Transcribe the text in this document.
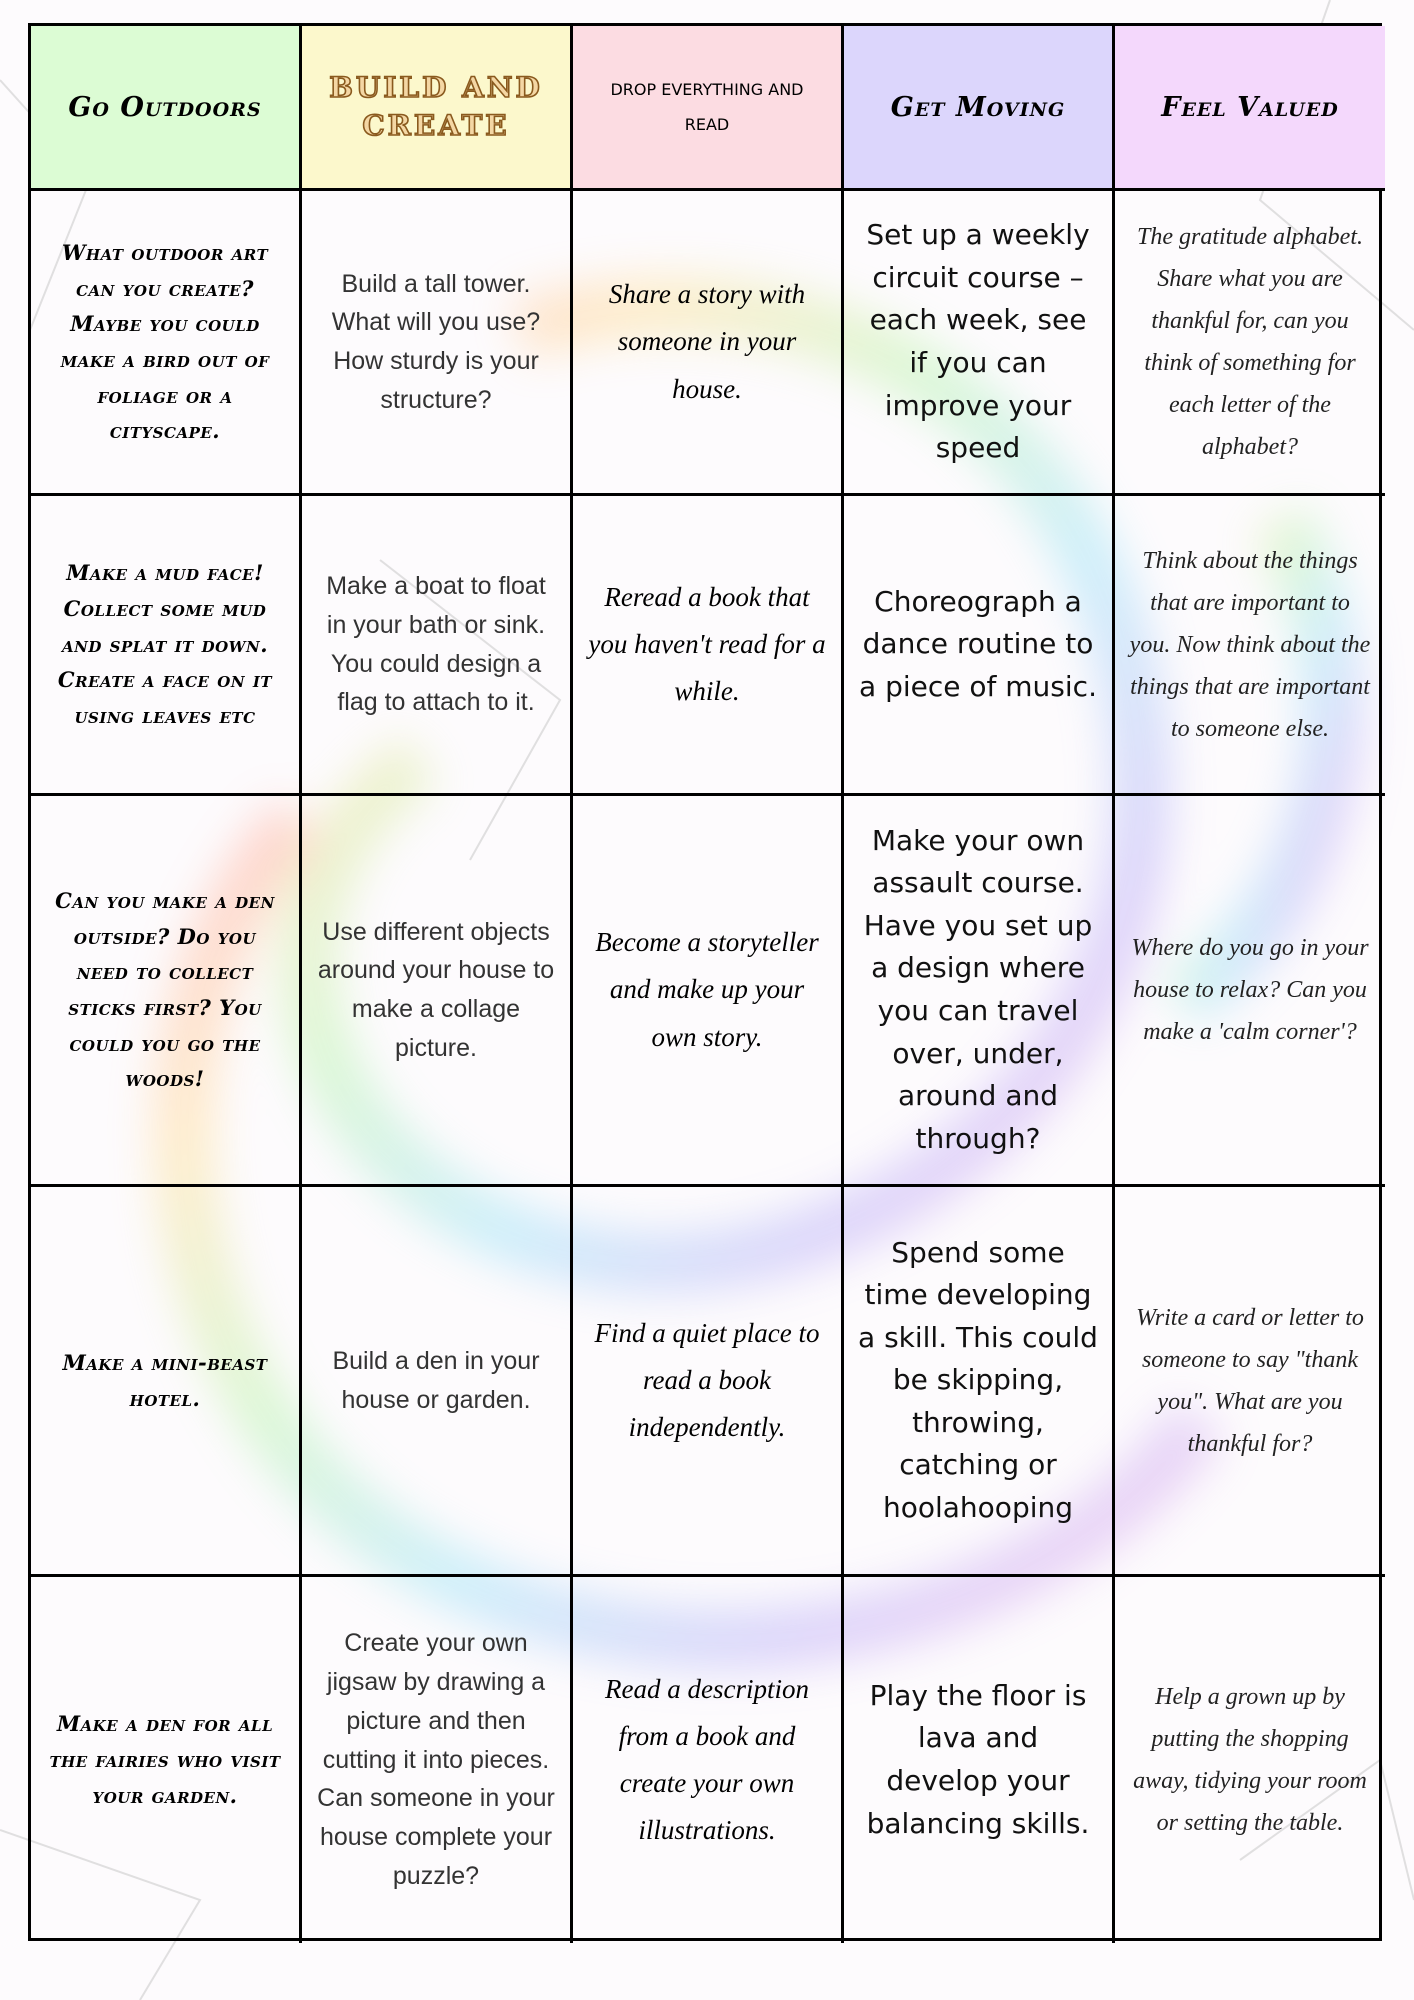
Go Outdoors
BUILD AND CREATE
DROP EVERYTHING AND READ
Get Moving	Feel Valued
What outdoor art can you create? Maybe you could make a bird out of foliage or a cityscape.
Build a tall tower. What will you use? How sturdy is your structure?
Share a story with someone in your house.
Set up a weekly circuit course – each week, see if you can improve your speed
The gratitude alphabet. Share what you are thankful for, can you think of something for each letter of the alphabet?
Make a mud face! Collect some mud and splat it down. Create a face on it using leaves etc
Make a boat to float in your bath or sink. You could design a flag to attach to it.
Reread a book that you haven't read for a while.
Choreograph a dance routine to a piece of music.
Think about the things that are important to you. Now think about the things that are important to someone else.
Can you make a den outside? Do you need to collect sticks first? You could you go the woods!
Use different objects around your house to make a collage picture.
Become a storyteller and make up your own story.
Make your own assault course. Have you set up a design where you can travel over, under, around and through?
Where do you go in your house to relax? Can you make a 'calm corner'?
Make a mini-beast hotel.
Build a den in your house or garden.
Find a quiet place to read a book independently.
Spend some time developing a skill. This could be skipping, throwing, catching or hoolahooping
Write a card or letter to someone to say "thank you". What are you thankful for?
Make a den for all the fairies who visit your garden.
Create your own jigsaw by drawing a picture and then cutting it into pieces. Can someone in your house complete your puzzle?
Read a description from a book and create your own illustrations.
Play the floor is lava and develop your balancing skills.
Help a grown up by putting the shopping away, tidying your room or setting the table.
